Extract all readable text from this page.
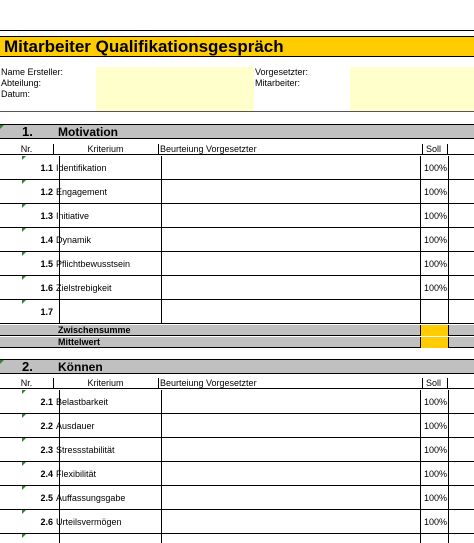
Mitarbeiter Qualifikationsgespräch
Name Ersteller:	Vorgesetzter:
Abteilung:	Mitarbeiter:
Datum:
1. Motivation
Nr.	Kriterium	Beurteiung Vorgesetzter	Soll
1.1 Identifikation	100%
1.2 Engagement	100%
1.3 Initiative	100%
1.4 Dynamik	100%
1.5 Pflichtbewusstsein	100%
1.6 Zielstrebigkeit	100%
1.7
Zwischensumme
Mittelwert
2. Können
Nr.	Kriterium	Beurteiung Vorgesetzter	Soll
2.1 Belastbarkeit	100%
2.2 Ausdauer	100%
2.3 Stressstabilität	100%
2.4 Flexibilität	100%
2.5 Auffassungsgabe	100%
2.6 Urteilsvermögen	100%
